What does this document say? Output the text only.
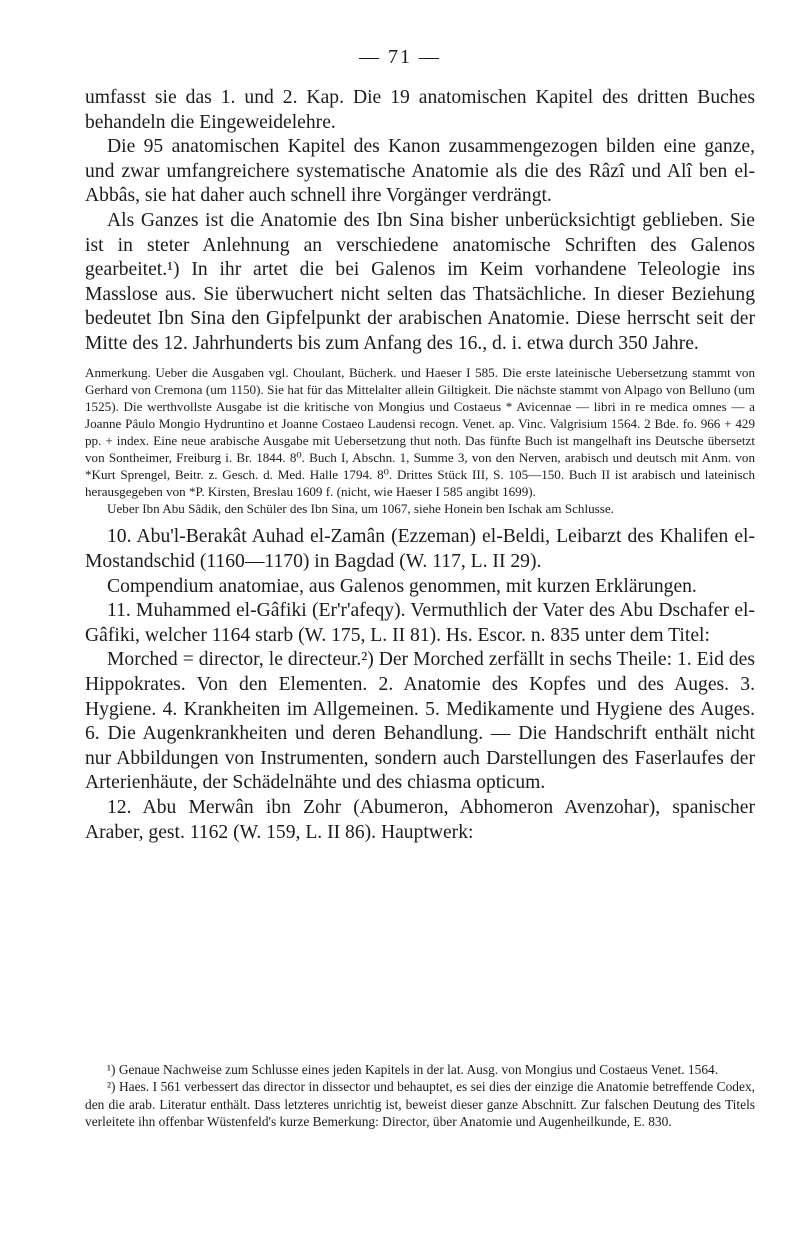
— 71 —

umfasst sie das 1. und 2. Kap. Die 19 anatomischen Kapitel des dritten Buches behandeln die Eingeweidelehre.

Die 95 anatomischen Kapitel des Kanon zusammengezogen bilden eine ganze, und zwar umfangreichere systematische Anatomie als die des Râzî und Alî ben el-Abbâs, sie hat daher auch schnell ihre Vorgänger verdrängt.

Als Ganzes ist die Anatomie des Ibn Sina bisher unberücksichtigt geblieben. Sie ist in steter Anlehnung an verschiedene anatomische Schriften des Galenos gearbeitet.¹) In ihr artet die bei Galenos im Keim vorhandene Teleologie ins Masslose aus. Sie überwuchert nicht selten das Thatsächliche. In dieser Beziehung bedeutet Ibn Sina den Gipfelpunkt der arabischen Anatomie. Diese herrscht seit der Mitte des 12. Jahrhunderts bis zum Anfang des 16., d. i. etwa durch 350 Jahre.

Anmerkung. Ueber die Ausgaben vgl. Choulant, Bücherk. und Haeser I 585. Die erste lateinische Uebersetzung stammt von Gerhard von Cremona (um 1150). Sie hat für das Mittelalter allein Giltigkeit. Die nächste stammt von Alpago von Belluno (um 1525). Die werthvollste Ausgabe ist die kritische von Mongius und Costaeus * Avicennae — libri in re medica omnes — a Joanne Pâulo Mongio Hydruntino et Joanne Costaeo Laudensi recogn. Venet. ap. Vinc. Valgrisium 1564. 2 Bde. fo. 966 + 429 pp. + index. Eine neue arabische Ausgabe mit Uebersetzung thut noth. Das fünfte Buch ist mangelhaft ins Deutsche übersetzt von Sontheimer, Freiburg i. Br. 1844. 8⁰. Buch I, Abschn. 1, Summe 3, von den Nerven, arabisch und deutsch mit Anm. von *Kurt Sprengel, Beitr. z. Gesch. d. Med. Halle 1794. 8⁰. Drittes Stück III, S. 105—150. Buch II ist arabisch und lateinisch herausgegeben von *P. Kirsten, Breslau 1609 f. (nicht, wie Haeser I 585 angibt 1699).

Ueber Ibn Abu Sâdik, den Schüler des Ibn Sina, um 1067, siehe Honein ben Ischak am Schlusse.

10. Abu'l-Berakât Auhad el-Zamân (Ezzeman) el-Beldi, Leibarzt des Khalifen el-Mostandschid (1160—1170) in Bagdad (W. 117, L. II 29).

Compendium anatomiae, aus Galenos genommen, mit kurzen Erklärungen.

11. Muhammed el-Gâfiki (Er'r'afeqy). Vermuthlich der Vater des Abu Dschafer el-Gâfiki, welcher 1164 starb (W. 175, L. II 81). Hs. Escor. n. 835 unter dem Titel:

Morched = director, le directeur.²) Der Morched zerfällt in sechs Theile: 1. Eid des Hippokrates. Von den Elementen. 2. Anatomie des Kopfes und des Auges. 3. Hygiene. 4. Krankheiten im Allgemeinen. 5. Medikamente und Hygiene des Auges. 6. Die Augenkrankheiten und deren Behandlung. — Die Handschrift enthält nicht nur Abbildungen von Instrumenten, sondern auch Darstellungen des Faserlaufes der Arterienhäute, der Schädelnähte und des chiasma opticum.

12. Abu Merwân ibn Zohr (Abumeron, Abhomeron Avenzohar), spanischer Araber, gest. 1162 (W. 159, L. II 86). Hauptwerk:

¹) Genaue Nachweise zum Schlusse eines jeden Kapitels in der lat. Ausg. von Mongius und Costaeus Venet. 1564.

²) Haes. I 561 verbessert das director in dissector und behauptet, es sei dies der einzige die Anatomie betreffende Codex, den die arab. Literatur enthält. Dass letzteres unrichtig ist, beweist dieser ganze Abschnitt. Zur falschen Deutung des Titels verleitete ihn offenbar Wüstenfeld's kurze Bemerkung: Director, über Anatomie und Augenheilkunde, E. 830.
